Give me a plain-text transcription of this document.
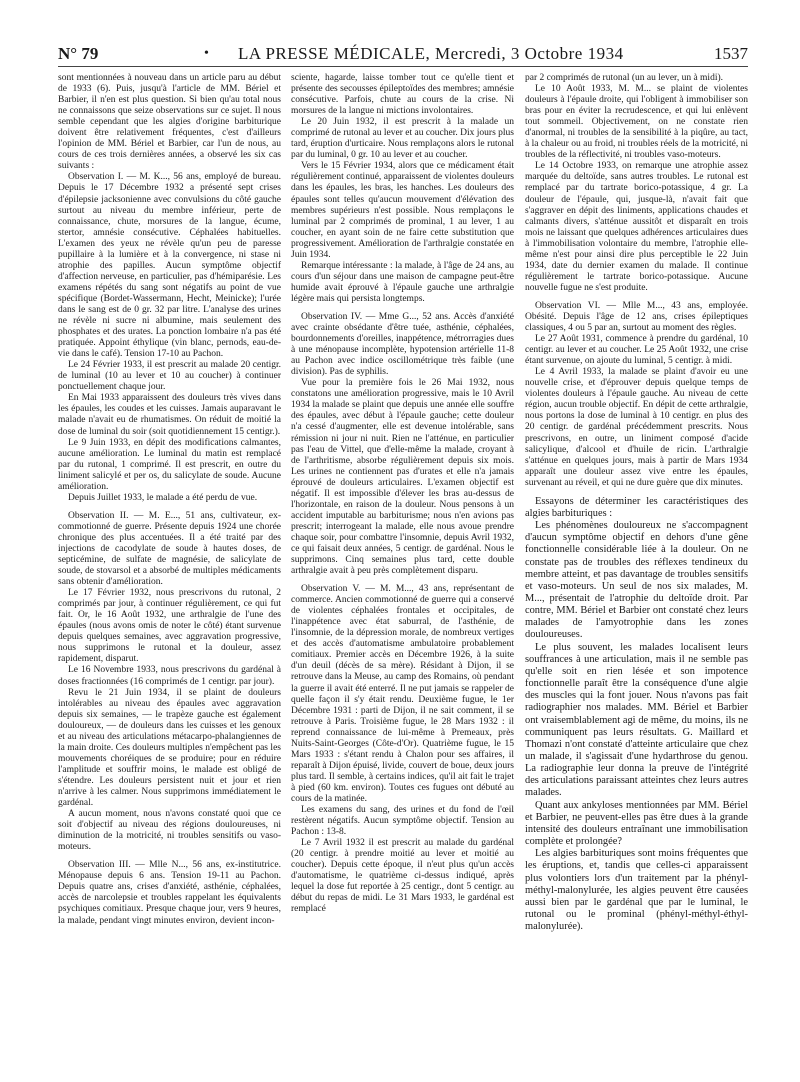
N° 79	• LA PRESSE MÉDICALE, Mercredi, 3 Octobre 1934	1537

sont mentionnées à nouveau dans un article paru au début de 1933 (6). Puis, jusqu'à l'article de MM. Bériel et Barbier, il n'en est plus question. Si bien qu'au total nous ne connaissons que seize observations sur ce sujet. Il nous semble cependant que les algies d'origine barbiturique doivent être relativement fréquentes, c'est d'ailleurs l'opinion de MM. Bériel et Barbier, car l'un de nous, au cours de ces trois dernières années, a observé les six cas suivants :

Observation I. — M. K..., 56 ans, employé de bureau. Depuis le 17 Décembre 1932 a présenté sept crises d'épilepsie jacksonienne avec convulsions du côté gauche surtout au niveau du membre inférieur, perte de connaissance, chute, morsures de la langue, écume, stertor, amnésie consécutive. Céphalées habituelles. L'examen des yeux ne révèle qu'un peu de paresse pupillaire à la lumière et à la convergence, ni stase ni atrophie des papilles. Aucun symptôme objectif d'affection nerveuse, en particulier, pas d'hémiparésie. Les examens répétés du sang sont négatifs au point de vue spécifique (Bordet-Wassermann, Hecht, Meinicke); l'urée dans le sang est de 0 gr. 32 par litre. L'analyse des urines ne révèle ni sucre ni albumine, mais seulement des phosphates et des urates. La ponction lombaire n'a pas été pratiquée. Appoint éthylique (vin blanc, pernods, eau-de-vie dans le café). Tension 17-10 au Pachon.

Le 24 Février 1933, il est prescrit au malade 20 centigr. de luminal (10 au lever et 10 au coucher) à continuer ponctuellement chaque jour.

En Mai 1933 apparaissent des douleurs très vives dans les épaules, les coudes et les cuisses. Jamais auparavant le malade n'avait eu de rhumatismes. On réduit de moitié la dose de luminal du soir (soit quotidiennement 15 centigr.).

Le 9 Juin 1933, en dépit des modifications calmantes, aucune amélioration. Le luminal du matin est remplacé par du rutonal, 1 comprimé. Il est prescrit, en outre du liniment salicylé et per os, du salicylate de soude. Aucune amélioration.

Depuis Juillet 1933, le malade a été perdu de vue.

Observation II. — M. E..., 51 ans, cultivateur, ex-commotionné de guerre. Présente depuis 1924 une chorée chronique des plus accentuées. Il a été traité par des injections de cacodylate de soude à hautes doses, de septicémine, de sulfate de magnésie, de salicylate de soude, de stovarsol et a absorbé de multiples médicaments sans obtenir d'amélioration.

Le 17 Février 1932, nous prescrivons du rutonal, 2 comprimés par jour, à continuer régulièrement, ce qui fut fait. Or, le 16 Août 1932, une arthralgie de l'une des épaules (nous avons omis de noter le côté) étant survenue depuis quelques semaines, avec aggravation progressive, nous supprimons le rutonal et la douleur, assez rapidement, disparut.

Le 16 Novembre 1933, nous prescrivons du gardénal à doses fractionnées (16 comprimés de 1 centigr. par jour).

Revu le 21 Juin 1934, il se plaint de douleurs intolérables au niveau des épaules avec aggravation depuis six semaines, — le trapèze gauche est également douloureux, — de douleurs dans les cuisses et les genoux et au niveau des articulations métacarpo-phalangiennes de la main droite. Ces douleurs multiples n'empêchent pas les mouvements choréiques de se produire; pour en réduire l'amplitude et souffrir moins, le malade est obligé de s'étendre. Les douleurs persistent nuit et jour et rien n'arrive à les calmer. Nous supprimons immédiatement le gardénal.

A aucun moment, nous n'avons constaté quoi que ce soit d'objectif au niveau des régions douloureuses, ni diminution de la motricité, ni troubles sensitifs ou vaso-moteurs.

Observation III. — Mlle N..., 56 ans, ex-institutrice. Ménopause depuis 6 ans. Tension 19-11 au Pachon. Depuis quatre ans, crises d'anxiété, asthénie, céphalées, accès de narcolepsie et troubles rappelant les équivalents psychiques comitiaux. Presque chaque jour, vers 9 heures, la malade, pendant vingt minutes environ, devient incon-

sciente, hagarde, laisse tomber tout ce qu'elle tient et présente des secousses épileptoïdes des membres; amnésie consécutive. Parfois, chute au cours de la crise. Ni morsures de la langue ni mictions involontaires.

Le 20 Juin 1932, il est prescrit à la malade un comprimé de rutonal au lever et au coucher. Dix jours plus tard, éruption d'urticaire. Nous remplaçons alors le rutonal par du luminal, 0 gr. 10 au lever et au coucher.

Vers le 15 Février 1934, alors que ce médicament était régulièrement continué, apparaissent de violentes douleurs dans les épaules, les bras, les hanches. Les douleurs des épaules sont telles qu'aucun mouvement d'élévation des membres supérieurs n'est possible. Nous remplaçons le luminal par 2 comprimés de prominal, 1 au lever, 1 au coucher, en ayant soin de ne faire cette substitution que progressivement. Amélioration de l'arthralgie constatée en Juin 1934.

Remarque intéressante : la malade, à l'âge de 24 ans, au cours d'un séjour dans une maison de campagne peut-être humide avait éprouvé à l'épaule gauche une arthralgie légère mais qui persista longtemps.

Observation IV. — Mme G..., 52 ans. Accès d'anxiété avec crainte obsédante d'être tuée, asthénie, céphalées, bourdonnements d'oreilles, inappétence, métrorragies dues à une ménopause incomplète, hypotension artérielle 11-8 au Pachon avec indice oscillométrique très faible (une division). Pas de syphilis.

Vue pour la première fois le 26 Mai 1932, nous constatons une amélioration progressive, mais le 10 Avril 1934 la malade se plaint que depuis une année elle souffre des épaules, avec début à l'épaule gauche; cette douleur n'a cessé d'augmenter, elle est devenue intolérable, sans rémission ni jour ni nuit. Rien ne l'atténue, en particulier pas l'eau de Vittel, que d'elle-même la malade, croyant à de l'arthritisme, absorbe régulièrement depuis six mois. Les urines ne contiennent pas d'urates et elle n'a jamais éprouvé de douleurs articulaires. L'examen objectif est négatif. Il est impossible d'élever les bras au-dessus de l'horizontale, en raison de la douleur. Nous pensons à un accident imputable au barbiturisme; nous n'en avions pas prescrit; interrogeant la malade, elle nous avoue prendre chaque soir, pour combattre l'insomnie, depuis Avril 1932, ce qui faisait deux années, 5 centigr. de gardénal. Nous le supprimons. Cinq semaines plus tard, cette double arthralgie avait à peu près complètement disparu.

Observation V. — M. M..., 43 ans, représentant de commerce. Ancien commotionné de guerre qui a conservé de violentes céphalées frontales et occipitales, de l'inappétence avec état saburral, de l'asthénie, de l'insomnie, de la dépression morale, de nombreux vertiges et des accès d'automatisme ambulatoire probablement comitiaux. Premier accès en Décembre 1926, à la suite d'un deuil (décès de sa mère). Résidant à Dijon, il se retrouve dans la Meuse, au camp des Romains, où pendant la guerre il avait été enterré. Il ne put jamais se rappeler de quelle façon il s'y était rendu. Deuxième fugue, le 1er Décembre 1931 : parti de Dijon, il ne sait comment, il se retrouve à Paris. Troisième fugue, le 28 Mars 1932 : il reprend connaissance de lui-même à Premeaux, près Nuits-Saint-Georges (Côte-d'Or). Quatrième fugue, le 15 Mars 1933 : s'étant rendu à Chalon pour ses affaires, il reparaît à Dijon épuisé, livide, couvert de boue, deux jours plus tard. Il semble, à certains indices, qu'il ait fait le trajet à pied (60 km. environ). Toutes ces fugues ont débuté au cours de la matinée.

Les examens du sang, des urines et du fond de l'œil restèrent négatifs. Aucun symptôme objectif. Tension au Pachon : 13-8.

Le 7 Avril 1932 il est prescrit au malade du gardénal (20 centigr. à prendre moitié au lever et moitié au coucher). Depuis cette époque, il n'eut plus qu'un accès d'automatisme, le quatrième ci-dessus indiqué, après lequel la dose fut reportée à 25 centigr., dont 5 centigr. au début du repas de midi. Le 31 Mars 1933, le gardénal est remplacé

par 2 comprimés de rutonal (un au lever, un à midi).

Le 10 Août 1933, M. M... se plaint de violentes douleurs à l'épaule droite, qui l'obligent à immobiliser son bras pour en éviter la recrudescence, et qui lui enlèvent tout sommeil. Objectivement, on ne constate rien d'anormal, ni troubles de la sensibilité à la piqûre, au tact, à la chaleur ou au froid, ni troubles réels de la motricité, ni troubles de la réflectivité, ni troubles vaso-moteurs.

Le 14 Octobre 1933, on remarque une atrophie assez marquée du deltoïde, sans autres troubles. Le rutonal est remplacé par du tartrate borico-potassique, 4 gr. La douleur de l'épaule, qui, jusque-là, n'avait fait que s'aggraver en dépit des liniments, applications chaudes et calmants divers, s'atténue aussitôt et disparaît en trois mois ne laissant que quelques adhérences articulaires dues à l'immobilisation volontaire du membre, l'atrophie elle-même n'est pour ainsi dire plus perceptible le 22 Juin 1934, date du dernier examen du malade. Il continue régulièrement le tartrate borico-potassique. Aucune nouvelle fugue ne s'est produite.

Observation VI. — Mlle M..., 43 ans, employée. Obésité. Depuis l'âge de 12 ans, crises épileptiques classiques, 4 ou 5 par an, surtout au moment des règles.

Le 27 Août 1931, commence à prendre du gardénal, 10 centigr. au lever et au coucher. Le 25 Août 1932, une crise étant survenue, on ajoute du luminal, 5 centigr. à midi.

Le 4 Avril 1933, la malade se plaint d'avoir eu une nouvelle crise, et d'éprouver depuis quelque temps de violentes douleurs à l'épaule gauche. Au niveau de cette région, aucun trouble objectif. En dépit de cette arthralgie, nous portons la dose de luminal à 10 centigr. en plus des 20 centigr. de gardénal précédemment prescrits. Nous prescrivons, en outre, un liniment composé d'acide salicylique, d'alcool et d'huile de ricin. L'arthralgie s'atténue en quelques jours, mais à partir de Mars 1934 apparaît une douleur assez vive entre les épaules, survenant au réveil, et qui ne dure guère que dix minutes.

Essayons de déterminer les caractéristiques des algies barbituriques :

Les phénomènes douloureux ne s'accompagnent d'aucun symptôme objectif en dehors d'une gêne fonctionnelle considérable liée à la douleur. On ne constate pas de troubles des réflexes tendineux du membre atteint, et pas davantage de troubles sensitifs et vaso-moteurs. Un seul de nos six malades, M. M..., présentait de l'atrophie du deltoïde droit. Par contre, MM. Bériel et Barbier ont constaté chez leurs malades de l'amyotrophie dans les zones douloureuses.

Le plus souvent, les malades localisent leurs souffrances à une articulation, mais il ne semble pas qu'elle soit en rien lésée et son impotence fonctionnelle paraît être la conséquence d'une algie des muscles qui la font jouer. Nous n'avons pas fait radiographier nos malades. MM. Bériel et Barbier ont vraisemblablement agi de même, du moins, ils ne communiquent pas leurs résultats. G. Maillard et Thomazi n'ont constaté d'atteinte articulaire que chez un malade, il s'agissait d'une hydarthrose du genou. La radiographie leur donna la preuve de l'intégrité des articulations paraissant atteintes chez leurs autres malades.

Quant aux ankyloses mentionnées par MM. Bériel et Barbier, ne peuvent-elles pas être dues à la grande intensité des douleurs entraînant une immobilisation complète et prolongée?

Les algies barbituriques sont moins fréquentes que les éruptions, et, tandis que celles-ci apparaissent plus volontiers lors d'un traitement par la phényl-méthyl-malonylurée, les algies peuvent être causées aussi bien par le gardénal que par le luminal, le rutonal ou le prominal (phényl-méthyl-éthyl-malonylurée).
